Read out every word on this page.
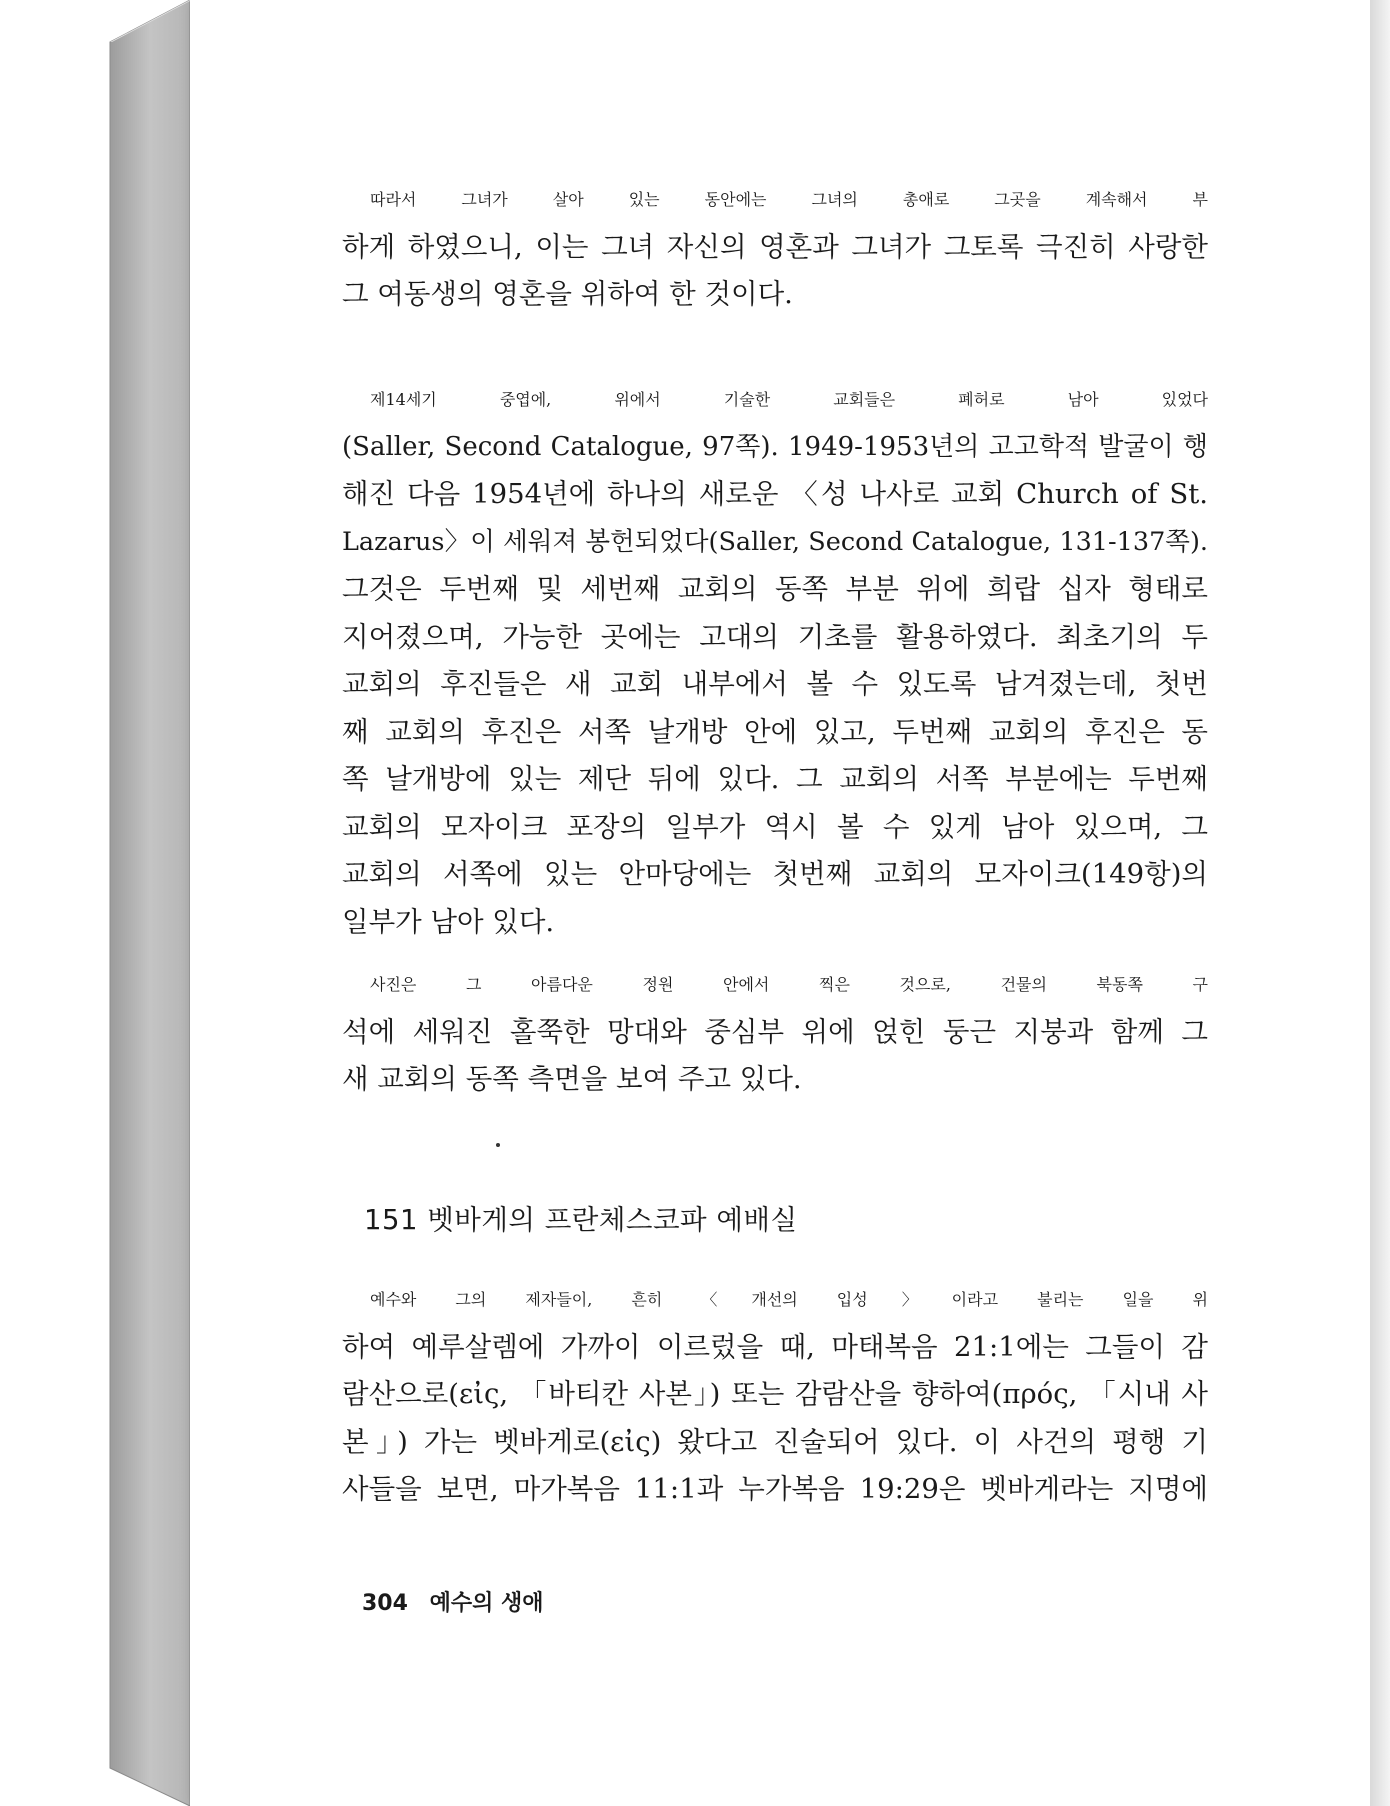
따라서 그녀가 살아 있는 동안에는 그녀의 총애로 그곳을 계속해서 부
하게 하였으니, 이는 그녀 자신의 영혼과 그녀가 그토록 극진히 사랑한
그 여동생의 영혼을 위하여 한 것이다.

제14세기 중엽에, 위에서 기술한 교회들은 폐허로 남아 있었다
(Saller, Second Catalogue, 97쪽). 1949-1953년의 고고학적 발굴이 행
해진 다음 1954년에 하나의 새로운 〈성 나사로 교회 Church of St.
Lazarus〉이 세워져 봉헌되었다(Saller, Second Catalogue, 131-137쪽).
그것은 두번째 및 세번째 교회의 동쪽 부분 위에 희랍 십자 형태로
지어졌으며, 가능한 곳에는 고대의 기초를 활용하였다. 최초기의 두
교회의 후진들은 새 교회 내부에서 볼 수 있도록 남겨졌는데, 첫번
째 교회의 후진은 서쪽 날개방 안에 있고, 두번째 교회의 후진은 동
쪽 날개방에 있는 제단 뒤에 있다. 그 교회의 서쪽 부분에는 두번째
교회의 모자이크 포장의 일부가 역시 볼 수 있게 남아 있으며, 그
교회의 서쪽에 있는 안마당에는 첫번째 교회의 모자이크(149항)의
일부가 남아 있다.

사진은 그 아름다운 정원 안에서 찍은 것으로, 건물의 북동쪽 구
석에 세워진 홀쭉한 망대와 중심부 위에 얹힌 둥근 지붕과 함께 그
새 교회의 동쪽 측면을 보여 주고 있다.

151 벳바게의 프란체스코파 예배실

예수와 그의 제자들이, 흔히 〈개선의 입성〉이라고 불리는 일을 위
하여 예루살렘에 가까이 이르렀을 때, 마태복음 21:1에는 그들이 감
람산으로(εἰς, 「바티칸 사본」) 또는 감람산을 향하여(πρός, 「시내 사
본」) 가는 벳바게로(εἰς) 왔다고 진술되어 있다. 이 사건의 평행 기
사들을 보면, 마가복음 11:1과 누가복음 19:29은 벳바게라는 지명에

304 예수의 생애
